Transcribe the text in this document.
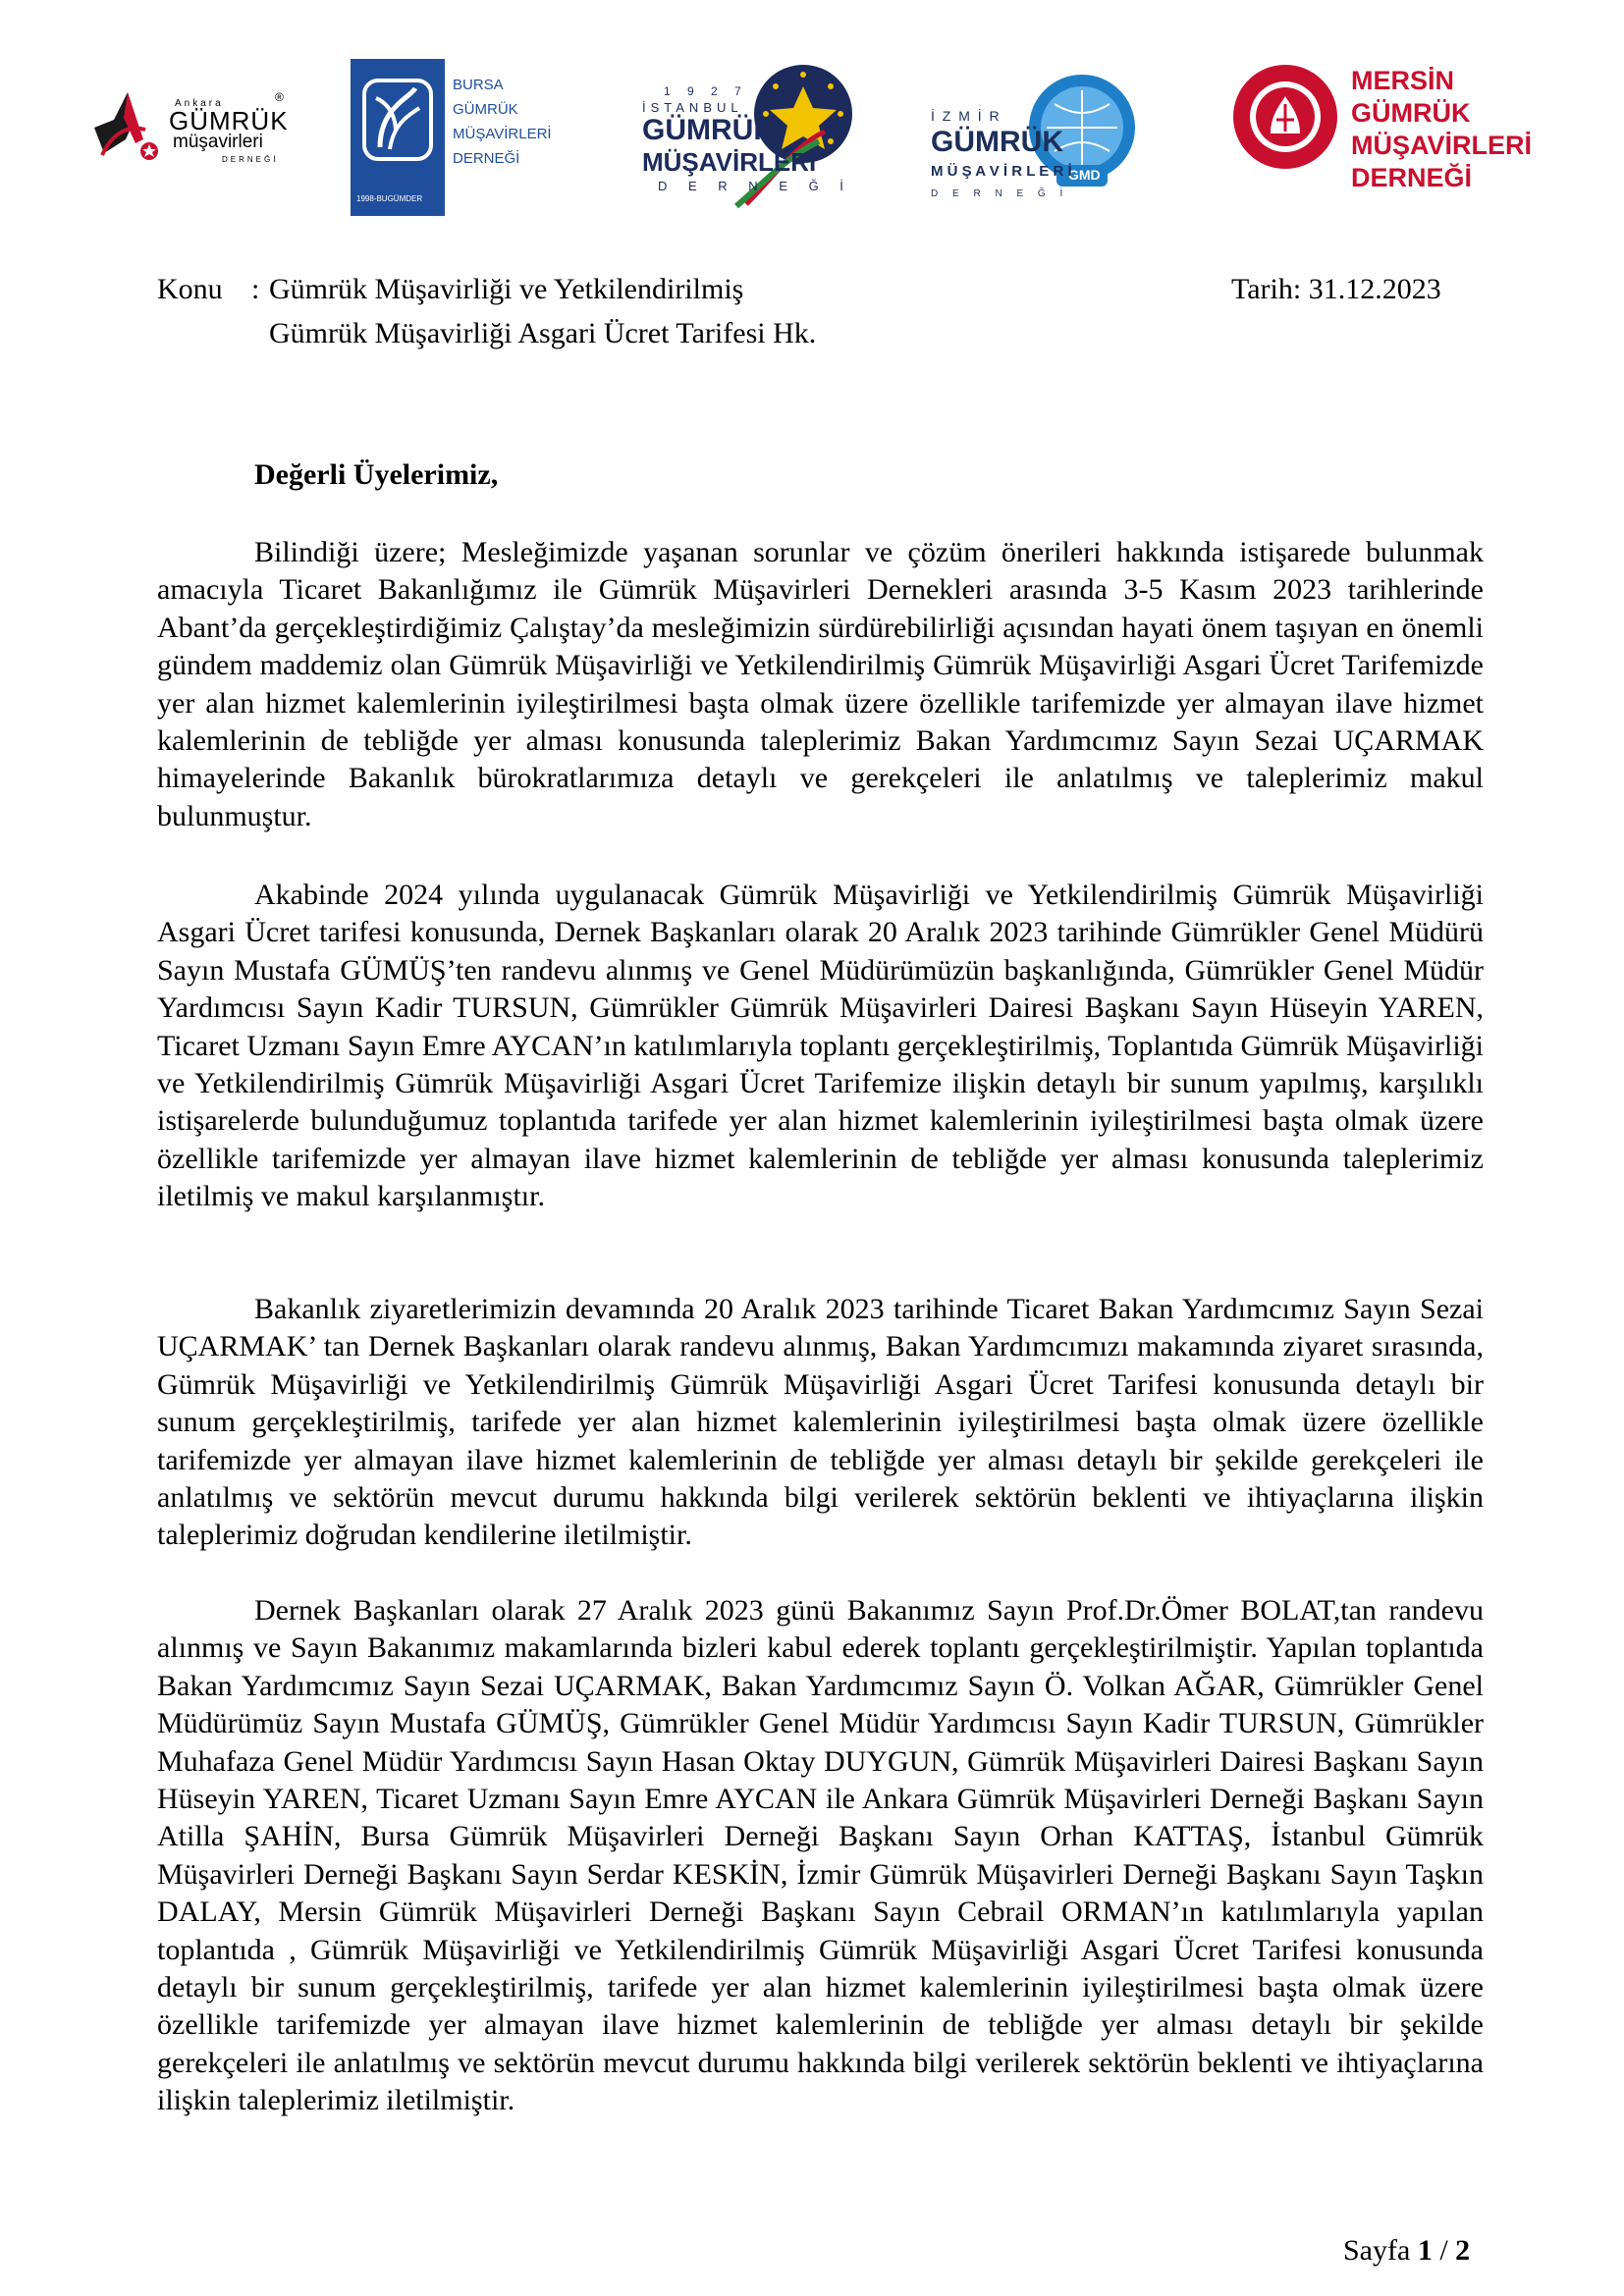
Ankara
GÜMRÜK
®
müşavirleri
DERNEĞİ
1998-BUGÜMDER
BURSA
GÜMRÜK
MÜŞAVİRLERİ
DERNEĞİ
1 9 2 7
İSTANBUL
GÜMRÜK
MÜŞAVİRLERİ
D E R N E Ğ İ
GMD
İ Z M İ R
GÜMRÜK
M Ü Ş A V İ R L E R İ
D E R N E Ğ İ
MERSİN
GÜMRÜK
MÜŞAVİRLERİ
DERNEĞİ
Konu : Gümrük Müşavirliği ve Yetkilendirilmiş
Gümrük Müşavirliği Asgari Ücret Tarifesi Hk.
Tarih: 31.12.2023
Değerli Üyelerimiz,

Bilindiği üzere; Mesleğimizde yaşanan sorunlar ve çözüm önerileri hakkında istişarede bulunmak amacıyla Ticaret Bakanlığımız ile Gümrük Müşavirleri Dernekleri arasında 3-5 Kasım 2023 tarihlerinde Abant’da gerçekleştirdiğimiz Çalıştay’da mesleğimizin sürdürebilirliği açısından hayati önem taşıyan en önemli gündem maddemiz olan Gümrük Müşavirliği ve Yetkilendirilmiş Gümrük Müşavirliği Asgari Ücret Tarifemizde yer alan hizmet kalemlerinin iyileştirilmesi başta olmak üzere özellikle tarifemizde yer almayan ilave hizmet kalemlerinin de tebliğde yer alması konusunda taleplerimiz Bakan Yardımcımız Sayın Sezai UÇARMAK himayelerinde Bakanlık bürokratlarımıza detaylı ve gerekçeleri ile anlatılmış ve taleplerimiz makul bulunmuştur.

Akabinde 2024 yılında uygulanacak Gümrük Müşavirliği ve Yetkilendirilmiş Gümrük Müşavirliği Asgari Ücret tarifesi konusunda, Dernek Başkanları olarak 20 Aralık 2023 tarihinde Gümrükler Genel Müdürü Sayın Mustafa GÜMÜŞ’ten randevu alınmış ve Genel Müdürümüzün başkanlığında, Gümrükler Genel Müdür Yardımcısı Sayın Kadir TURSUN, Gümrükler Gümrük Müşavirleri Dairesi Başkanı Sayın Hüseyin YAREN, Ticaret Uzmanı Sayın Emre AYCAN’ın katılımlarıyla toplantı gerçekleştirilmiş, Toplantıda Gümrük Müşavirliği ve Yetkilendirilmiş Gümrük Müşavirliği Asgari Ücret Tarifemize ilişkin detaylı bir sunum yapılmış, karşılıklı istişarelerde bulunduğumuz toplantıda tarifede yer alan hizmet kalemlerinin iyileştirilmesi başta olmak üzere özellikle tarifemizde yer almayan ilave hizmet kalemlerinin de tebliğde yer alması konusunda taleplerimiz iletilmiş ve makul karşılanmıştır.

Bakanlık ziyaretlerimizin devamında 20 Aralık 2023 tarihinde Ticaret Bakan Yardımcımız Sayın Sezai UÇARMAK’ tan Dernek Başkanları olarak randevu alınmış, Bakan Yardımcımızı makamında ziyaret sırasında, Gümrük Müşavirliği ve Yetkilendirilmiş Gümrük Müşavirliği Asgari Ücret Tarifesi konusunda detaylı bir sunum gerçekleştirilmiş, tarifede yer alan hizmet kalemlerinin iyileştirilmesi başta olmak üzere özellikle tarifemizde yer almayan ilave hizmet kalemlerinin de tebliğde yer alması detaylı bir şekilde gerekçeleri ile anlatılmış ve sektörün mevcut durumu hakkında bilgi verilerek sektörün beklenti ve ihtiyaçlarına ilişkin taleplerimiz doğrudan kendilerine iletilmiştir.

Dernek Başkanları olarak 27 Aralık 2023 günü Bakanımız Sayın Prof.Dr.Ömer BOLAT,tan randevu alınmış ve Sayın Bakanımız makamlarında bizleri kabul ederek toplantı gerçekleştirilmiştir. Yapılan toplantıda Bakan Yardımcımız Sayın Sezai UÇARMAK, Bakan Yardımcımız Sayın Ö. Volkan AĞAR, Gümrükler Genel Müdürümüz Sayın Mustafa GÜMÜŞ, Gümrükler Genel Müdür Yardımcısı Sayın Kadir TURSUN, Gümrükler Muhafaza Genel Müdür Yardımcısı Sayın Hasan Oktay DUYGUN, Gümrük Müşavirleri Dairesi Başkanı Sayın Hüseyin YAREN, Ticaret Uzmanı Sayın Emre AYCAN ile Ankara Gümrük Müşavirleri Derneği Başkanı Sayın Atilla ŞAHİN, Bursa Gümrük Müşavirleri Derneği Başkanı Sayın Orhan KATTAŞ, İstanbul Gümrük Müşavirleri Derneği Başkanı Sayın Serdar KESKİN, İzmir Gümrük Müşavirleri Derneği Başkanı Sayın Taşkın DALAY, Mersin Gümrük Müşavirleri Derneği Başkanı Sayın Cebrail ORMAN’ın katılımlarıyla yapılan toplantıda , Gümrük Müşavirliği ve Yetkilendirilmiş Gümrük Müşavirliği Asgari Ücret Tarifesi konusunda detaylı bir sunum gerçekleştirilmiş, tarifede yer alan hizmet kalemlerinin iyileştirilmesi başta olmak üzere özellikle tarifemizde yer almayan ilave hizmet kalemlerinin de tebliğde yer alması detaylı bir şekilde gerekçeleri ile anlatılmış ve sektörün mevcut durumu hakkında bilgi verilerek sektörün beklenti ve ihtiyaçlarına ilişkin taleplerimiz iletilmiştir.

Sayfa 1 / 2
